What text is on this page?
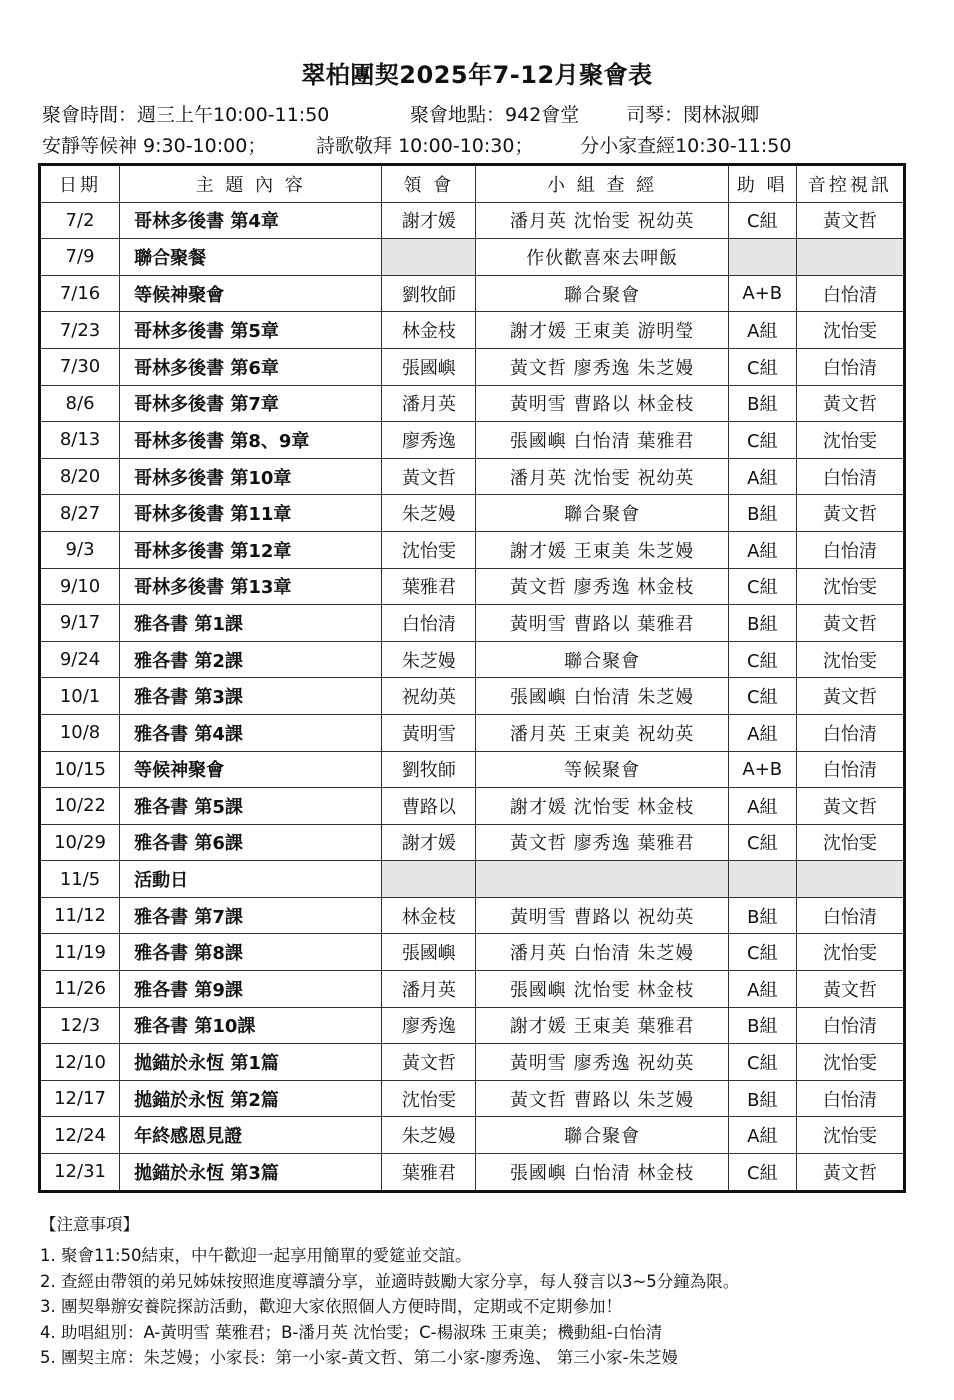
翠柏團契2025年7-12月聚會表
聚會時間：週三上午10:00-11:50	聚會地點：942會堂 司琴：閔林淑卿
安靜等候神 9:30-10:00；	詩歌敬拜 10:00-10:30； 分小家查經10:30-11:50
日期	主 題 內 容	領 會	小 組 查 經	助 唱	音控視訊
7/2	哥林多後書 第4章	謝才媛	潘月英 沈怡雯 祝幼英	C組	黃文哲
7/9	聯合聚餐		作伙歡喜來去呷飯		
7/16	等候神聚會	劉牧師	聯合聚會	A+B	白怡清
7/23	哥林多後書 第5章	林金枝	謝才媛 王東美 游明瑩	A組	沈怡雯
7/30	哥林多後書 第6章	張國嶼	黃文哲 廖秀逸 朱芝嫚	C組	白怡清
8/6	哥林多後書 第7章	潘月英	黃明雪 曹路以 林金枝	B組	黃文哲
8/13	哥林多後書 第8、9章	廖秀逸	張國嶼 白怡清 葉雅君	C組	沈怡雯
8/20	哥林多後書 第10章	黃文哲	潘月英 沈怡雯 祝幼英	A組	白怡清
8/27	哥林多後書 第11章	朱芝嫚	聯合聚會	B組	黃文哲
9/3	哥林多後書 第12章	沈怡雯	謝才媛 王東美 朱芝嫚	A組	白怡清
9/10	哥林多後書 第13章	葉雅君	黃文哲 廖秀逸 林金枝	C組	沈怡雯
9/17	雅各書 第1課	白怡清	黃明雪 曹路以 葉雅君	B組	黃文哲
9/24	雅各書 第2課	朱芝嫚	聯合聚會	C組	沈怡雯
10/1	雅各書 第3課	祝幼英	張國嶼 白怡清 朱芝嫚	C組	黃文哲
10/8	雅各書 第4課	黃明雪	潘月英 王東美 祝幼英	A組	白怡清
10/15	等候神聚會	劉牧師	等候聚會	A+B	白怡清
10/22	雅各書 第5課	曹路以	謝才媛 沈怡雯 林金枝	A組	黃文哲
10/29	雅各書 第6課	謝才媛	黃文哲 廖秀逸 葉雅君	C組	沈怡雯
11/5	活動日				
11/12	雅各書 第7課	林金枝	黃明雪 曹路以 祝幼英	B組	白怡清
11/19	雅各書 第8課	張國嶼	潘月英 白怡清 朱芝嫚	C組	沈怡雯
11/26	雅各書 第9課	潘月英	張國嶼 沈怡雯 林金枝	A組	黃文哲
12/3	雅各書 第10課	廖秀逸	謝才媛 王東美 葉雅君	B組	白怡清
12/10	拋錨於永恆 第1篇	黃文哲	黃明雪 廖秀逸 祝幼英	C組	沈怡雯
12/17	拋錨於永恆 第2篇	沈怡雯	黃文哲 曹路以 朱芝嫚	B組	白怡清
12/24	年終感恩見證	朱芝嫚	聯合聚會	A組	沈怡雯
12/31	拋錨於永恆 第3篇	葉雅君	張國嶼 白怡清 林金枝	C組	黃文哲
【注意事項】
1. 聚會11:50結束，中午歡迎一起享用簡單的愛筵並交誼。
2. 查經由帶領的弟兄姊妹按照進度導讀分享，並適時鼓勵大家分享，每人發言以3~5分鐘為限。
3. 團契舉辦安養院探訪活動，歡迎大家依照個人方便時間，定期或不定期參加！
4. 助唱組別：A-黃明雪 葉雅君；B-潘月英 沈怡雯；C-楊淑珠 王東美；機動組-白怡清
5. 團契主席：朱芝嫚；小家長：第一小家-黃文哲、第二小家-廖秀逸、 第三小家-朱芝嫚
